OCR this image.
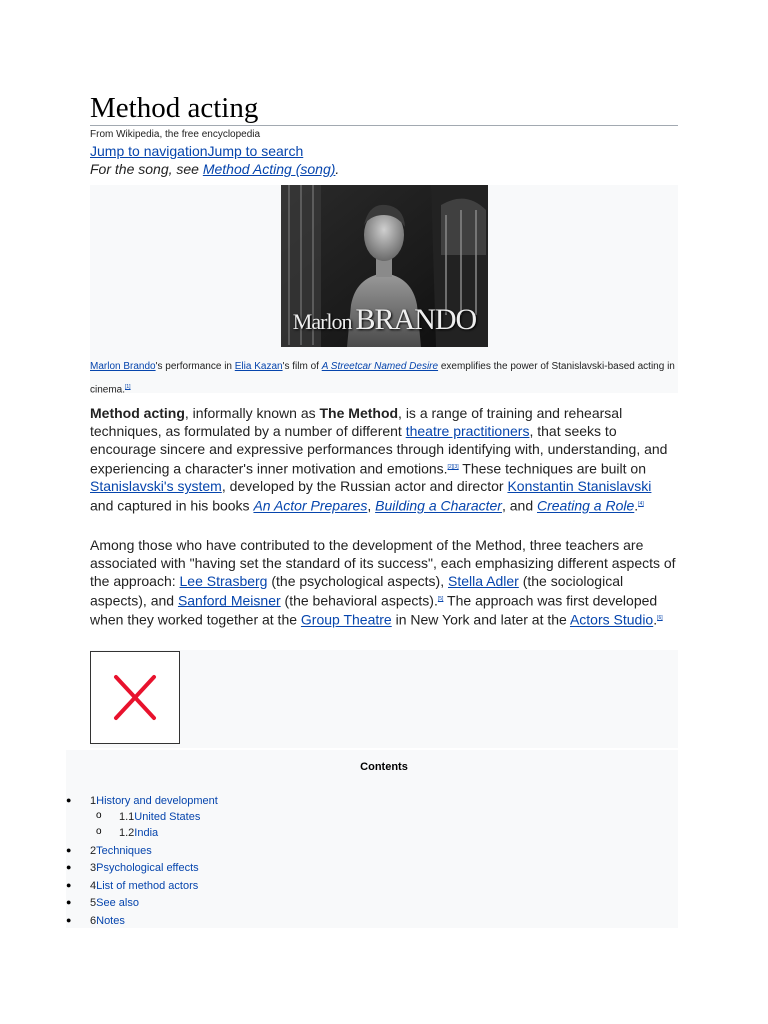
Method acting
From Wikipedia, the free encyclopedia
Jump to navigationJump to search
For the song, see Method Acting (song).
Marlon BRANDO
Marlon Brando's performance in Elia Kazan's film of A Streetcar Named Desire exemplifies the power of Stanislavski-based acting in cinema.[1]

Method acting, informally known as The Method, is a range of training and rehearsal techniques, as formulated by a number of different theatre practitioners, that seeks to encourage sincere and expressive performances through identifying with, understanding, and experiencing a character's inner motivation and emotions.[2][3] These techniques are built on Stanislavski's system, developed by the Russian actor and director Konstantin Stanislavski and captured in his books An Actor Prepares, Building a Character, and Creating a Role.[4]

Among those who have contributed to the development of the Method, three teachers are associated with "having set the standard of its success", each emphasizing different aspects of the approach: Lee Strasberg (the psychological aspects), Stella Adler (the sociological aspects), and Sanford Meisner (the behavioral aspects).[5] The approach was first developed when they worked together at the Group Theatre in New York and later at the Actors Studio.[6]

Contents
● 1History and development
o 1.1United States
o 1.2India
● 2Techniques
● 3Psychological effects
● 4List of method actors
● 5See also
● 6Notes
